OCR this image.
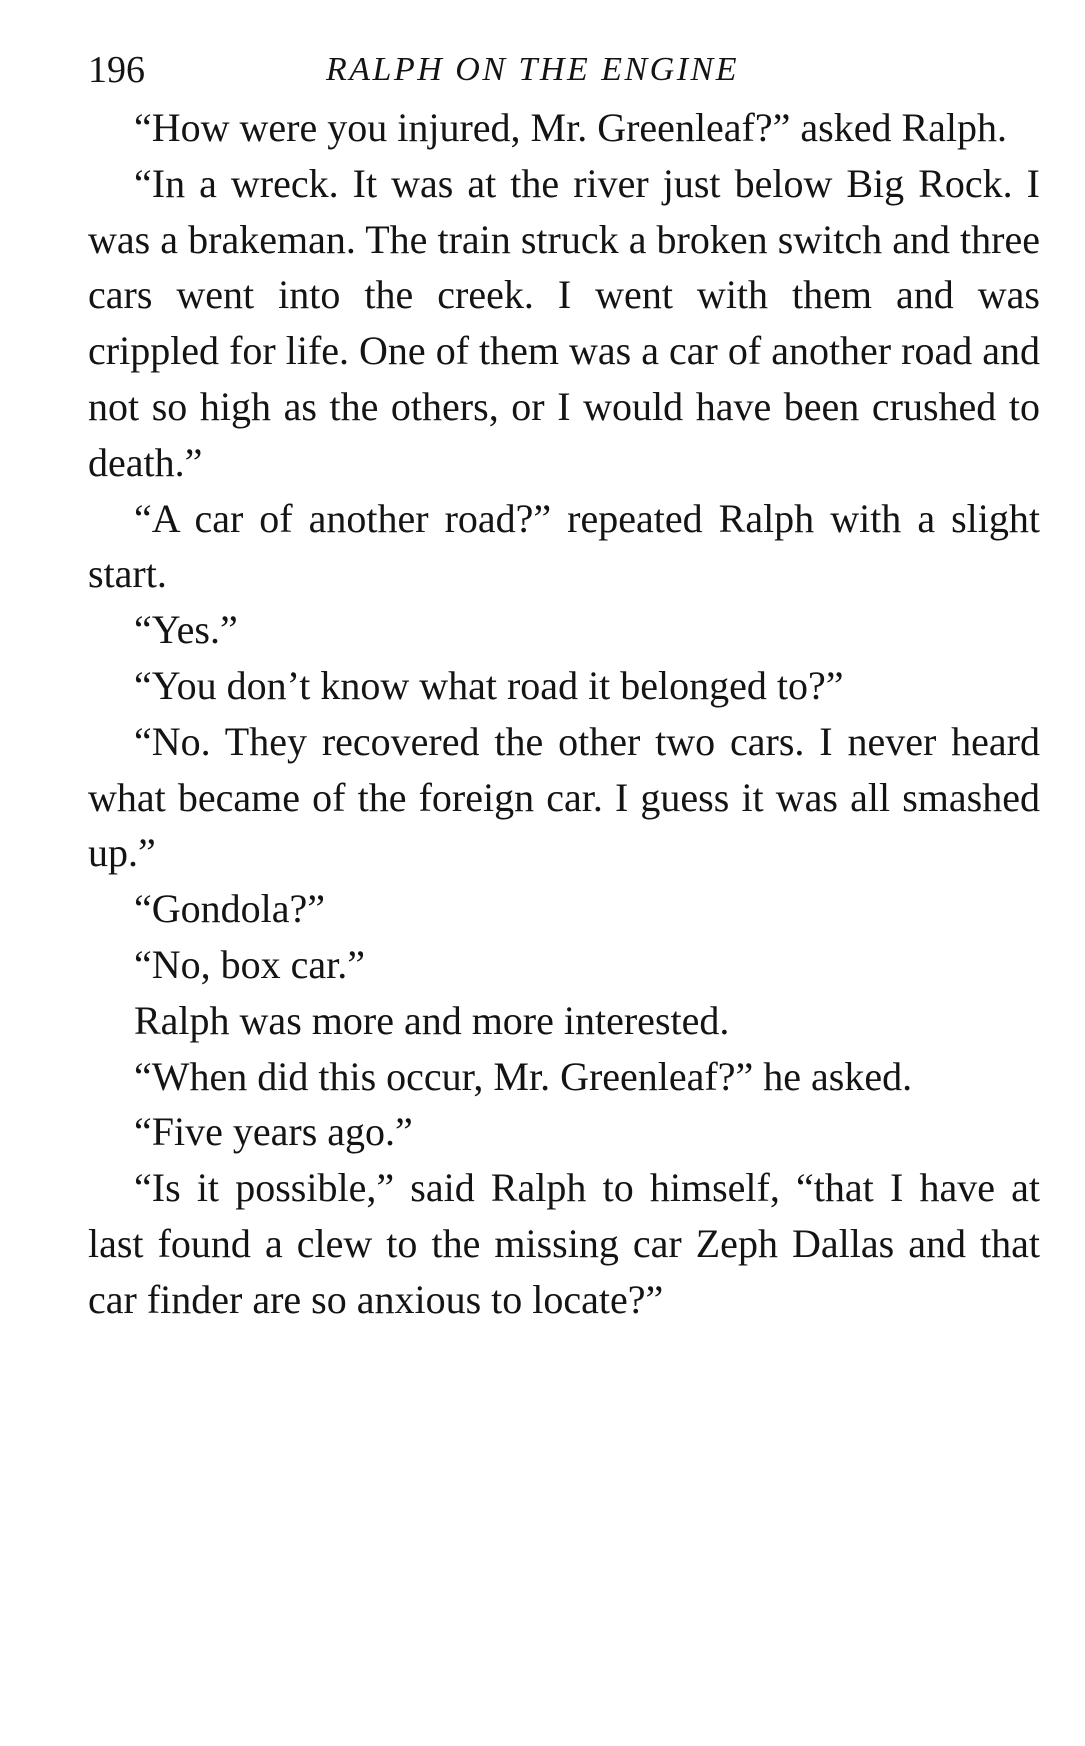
196	RALPH ON THE ENGINE

“How were you injured, Mr. Greenleaf?” asked Ralph.

“In a wreck. It was at the river just below Big Rock. I was a brakeman. The train struck a broken switch and three cars went into the creek. I went with them and was crippled for life. One of them was a car of another road and not so high as the others, or I would have been crushed to death.”

“A car of another road?” repeated Ralph with a slight start.

“Yes.”

“You don’t know what road it belonged to?”

“No. They recovered the other two cars. I never heard what became of the foreign car. I guess it was all smashed up.”

“Gondola?”

“No, box car.”

Ralph was more and more interested.

“When did this occur, Mr. Greenleaf?” he asked.

“Five years ago.”

“Is it possible,” said Ralph to himself, “that I have at last found a clew to the missing car Zeph Dallas and that car finder are so anxious to locate?”
